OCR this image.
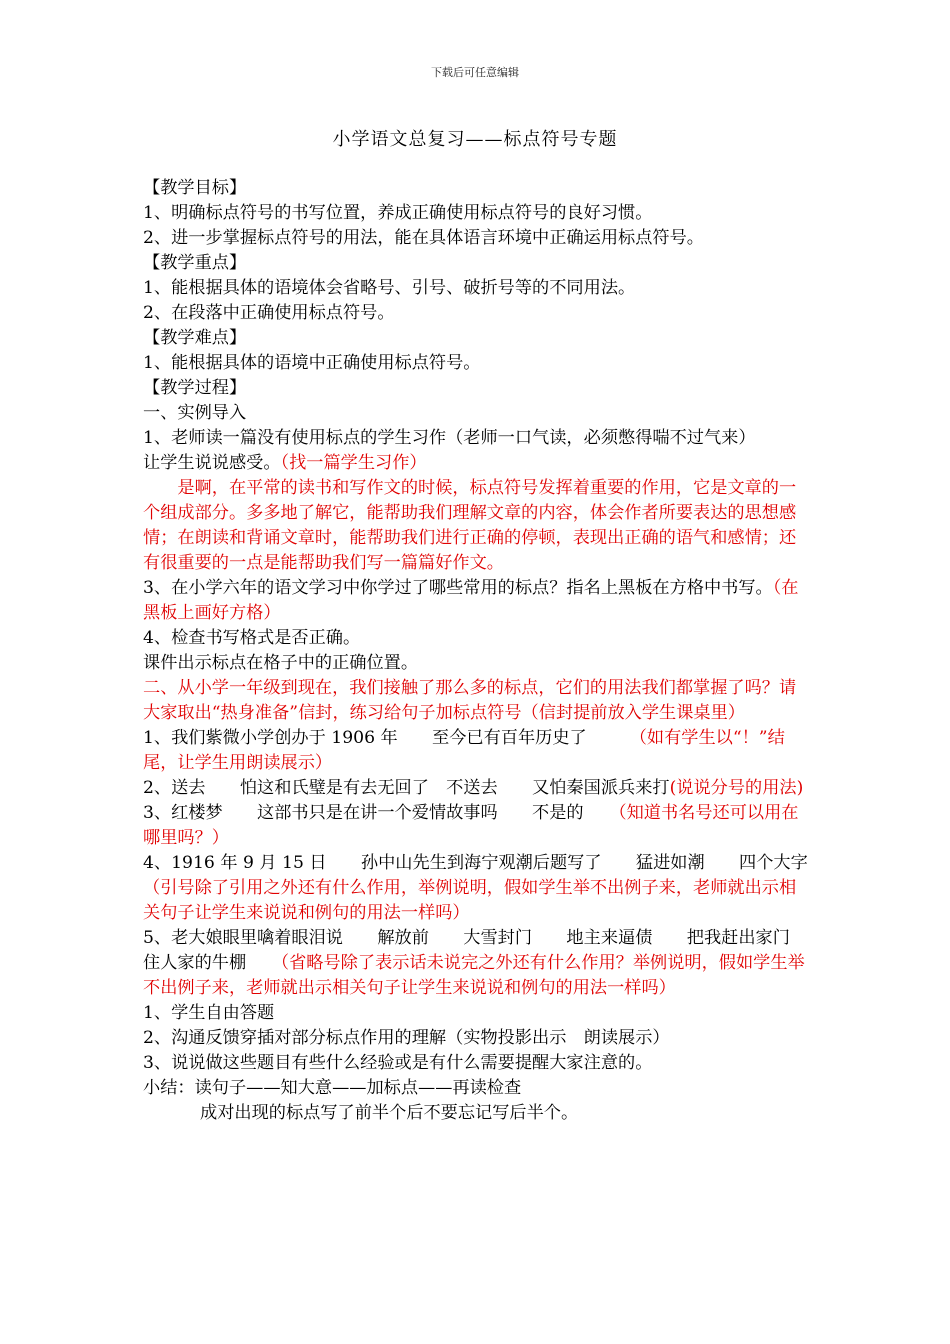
下载后可任意编辑
小学语文总复习——标点符号专题

【教学目标】

1、明确标点符号的书写位置，养成正确使用标点符号的良好习惯。

2、进一步掌握标点符号的用法，能在具体语言环境中正确运用标点符号。

【教学重点】

1、能根据具体的语境体会省略号、引号、破折号等的不同用法。

2、在段落中正确使用标点符号。

【教学难点】

1、能根据具体的语境中正确使用标点符号。

【教学过程】

一、实例导入

1、老师读一篇没有使用标点的学生习作（老师一口气读，必须憋得喘不过气来）

让学生说说感受。（找一篇学生习作）

是啊，在平常的读书和写作文的时候，标点符号发挥着重要的作用，它是文章的一个组成部分。多多地了解它，能帮助我们理解文章的内容，体会作者所要表达的思想感情；在朗读和背诵文章时，能帮助我们进行正确的停顿，表现出正确的语气和感情；还有很重要的一点是能帮助我们写一篇篇好作文。

3、在小学六年的语文学习中你学过了哪些常用的标点？指名上黑板在方格中书写。（在黑板上画好方格）

4、检查书写格式是否正确。

课件出示标点在格子中的正确位置。

二、从小学一年级到现在，我们接触了那么多的标点，它们的用法我们都掌握了吗？请大家取出“热身准备”信封，练习给句子加标点符号（信封提前放入学生课桌里）

1、我们紫微小学创办于 1906 年　　至今已有百年历史了　　　（如有学生以“！”结尾，让学生用朗读展示）

2、送去　　怕这和氏璧是有去无回了　不送去　　又怕秦国派兵来打(说说分号的用法)

3、红楼梦　　这部书只是在讲一个爱情故事吗　　不是的　　（知道书名号还可以用在哪里吗？）

4、1916 年 9 月 15 日　　孙中山先生到海宁观潮后题写了　　猛进如潮　　四个大字（引号除了引用之外还有什么作用，举例说明，假如学生举不出例子来，老师就出示相关句子让学生来说说和例句的用法一样吗）

5、老大娘眼里噙着眼泪说　　解放前　　大雪封门　　地主来逼债　　把我赶出家门　　住人家的牛棚　　（省略号除了表示话未说完之外还有什么作用？举例说明，假如学生举不出例子来，老师就出示相关句子让学生来说说和例句的用法一样吗）

1、学生自由答题

2、沟通反馈穿插对部分标点作用的理解（实物投影出示　朗读展示）

3、说说做这些题目有些什么经验或是有什么需要提醒大家注意的。

小结：读句子——知大意——加标点——再读检查

成对出现的标点写了前半个后不要忘记写后半个。
